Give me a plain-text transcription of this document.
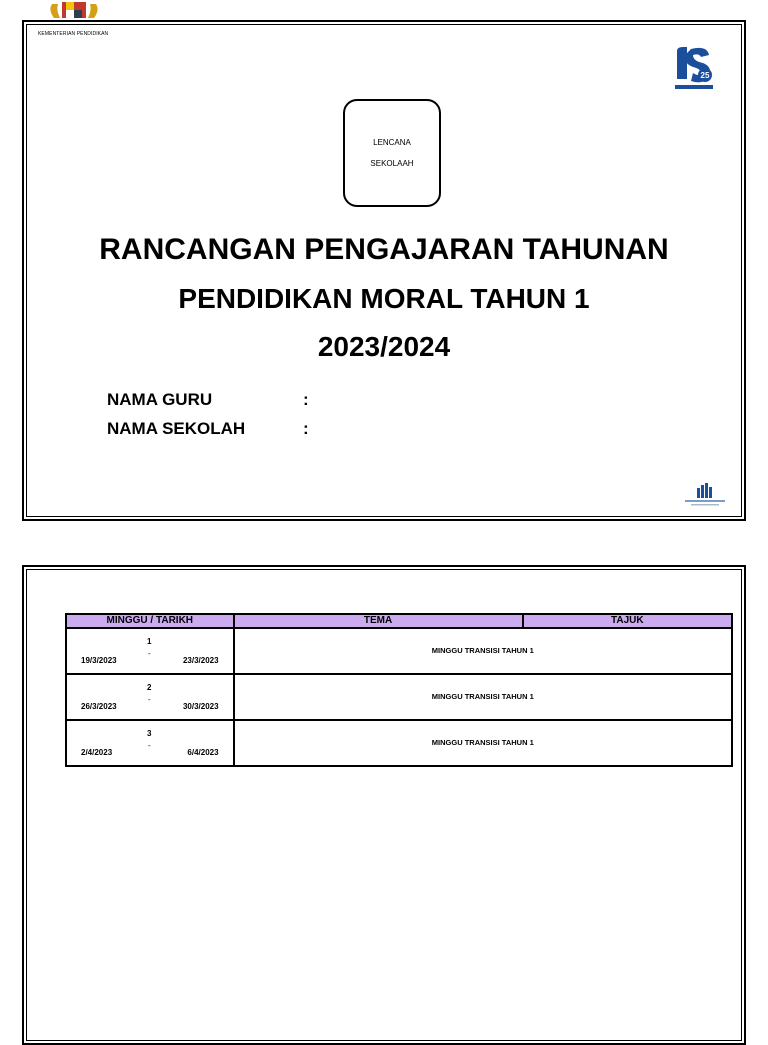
KEMENTERIAN PENDIDIKAN
25
LENCANA
SEKOLAAH
RANCANGAN PENGAJARAN TAHUNAN
PENDIDIKAN MORAL TAHUN 1
2023/2024
NAMA GURU	:
NAMA SEKOLAH	:
MINGGU / TARIKH	TEMA	TAJUK

1
-
19/3/2023 23/3/2023	MINGGU TRANSISI TAHUN 1	

2
-
26/3/2023 30/3/2023	MINGGU TRANSISI TAHUN 1	

3
-
2/4/2023 6/4/2023	MINGGU TRANSISI TAHUN 1	
